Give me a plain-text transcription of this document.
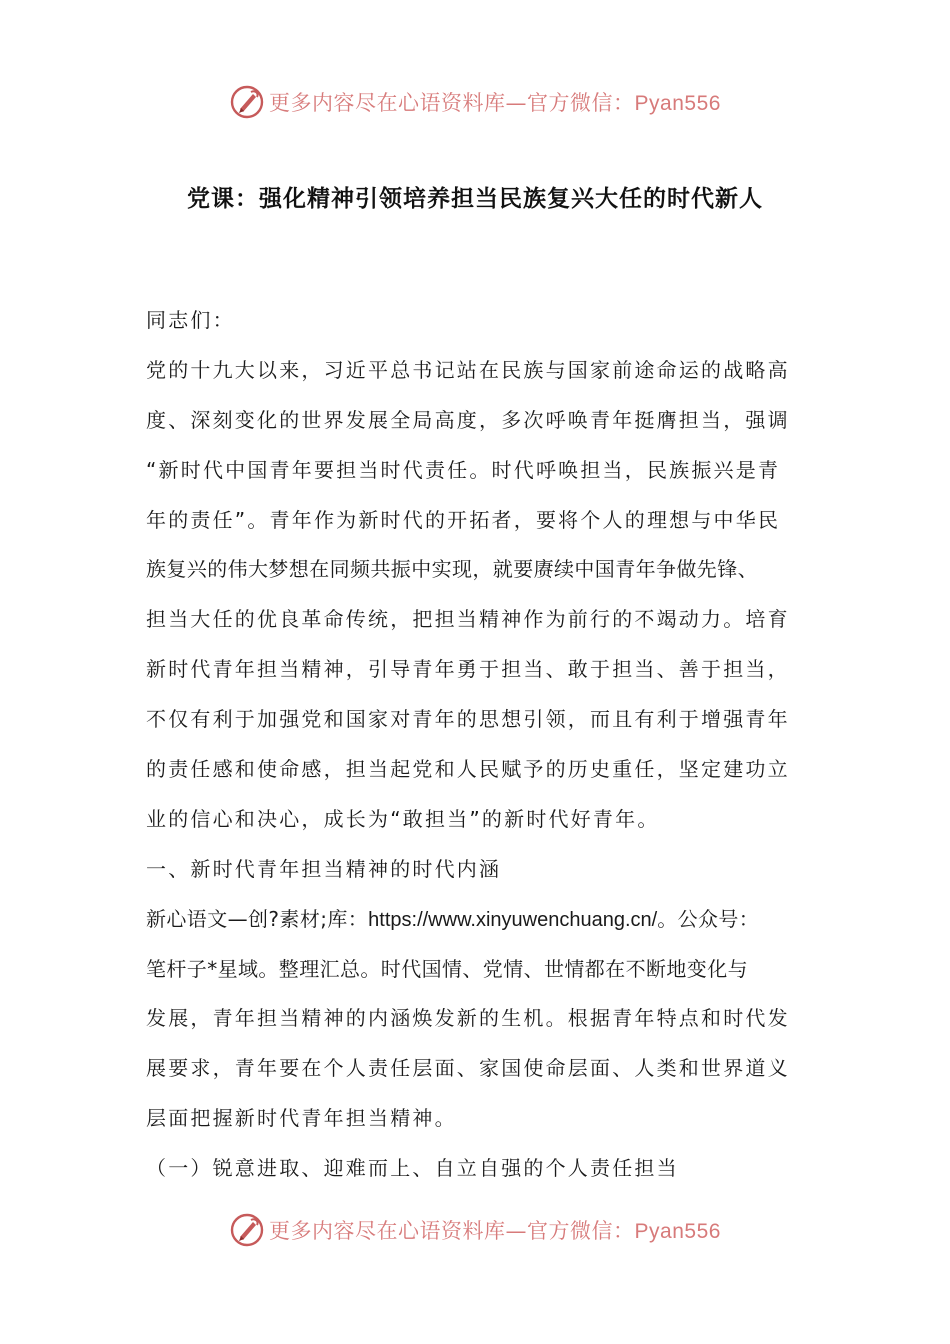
更多内容尽在心语资料库—官方微信：Pyan556
党课：强化精神引领培养担当民族复兴大任的时代新人
同志们：
党的十九大以来，习近平总书记站在民族与国家前途命运的战略高
度、深刻变化的世界发展全局高度，多次呼唤青年挺膺担当，强调
“新时代中国青年要担当时代责任。时代呼唤担当，民族振兴是青
年的责任”。青年作为新时代的开拓者，要将个人的理想与中华民
族复兴的伟大梦想在同频共振中实现，就要赓续中国青年争做先锋、
担当大任的优良革命传统，把担当精神作为前行的不竭动力。培育
新时代青年担当精神，引导青年勇于担当、敢于担当、善于担当，
不仅有利于加强党和国家对青年的思想引领，而且有利于增强青年
的责任感和使命感，担当起党和人民赋予的历史重任，坚定建功立
业的信心和决心，成长为“敢担当”的新时代好青年。
一、新时代青年担当精神的时代内涵
新心语文—创?素材;库：https://www.xinyuwenchuang.cn/。公众号：
笔杆子*星域。整理汇总。时代国情、党情、世情都在不断地变化与
发展，青年担当精神的内涵焕发新的生机。根据青年特点和时代发
展要求，青年要在个人责任层面、家国使命层面、人类和世界道义
层面把握新时代青年担当精神。
（一）锐意进取、迎难而上、自立自强的个人责任担当
更多内容尽在心语资料库—官方微信：Pyan556
